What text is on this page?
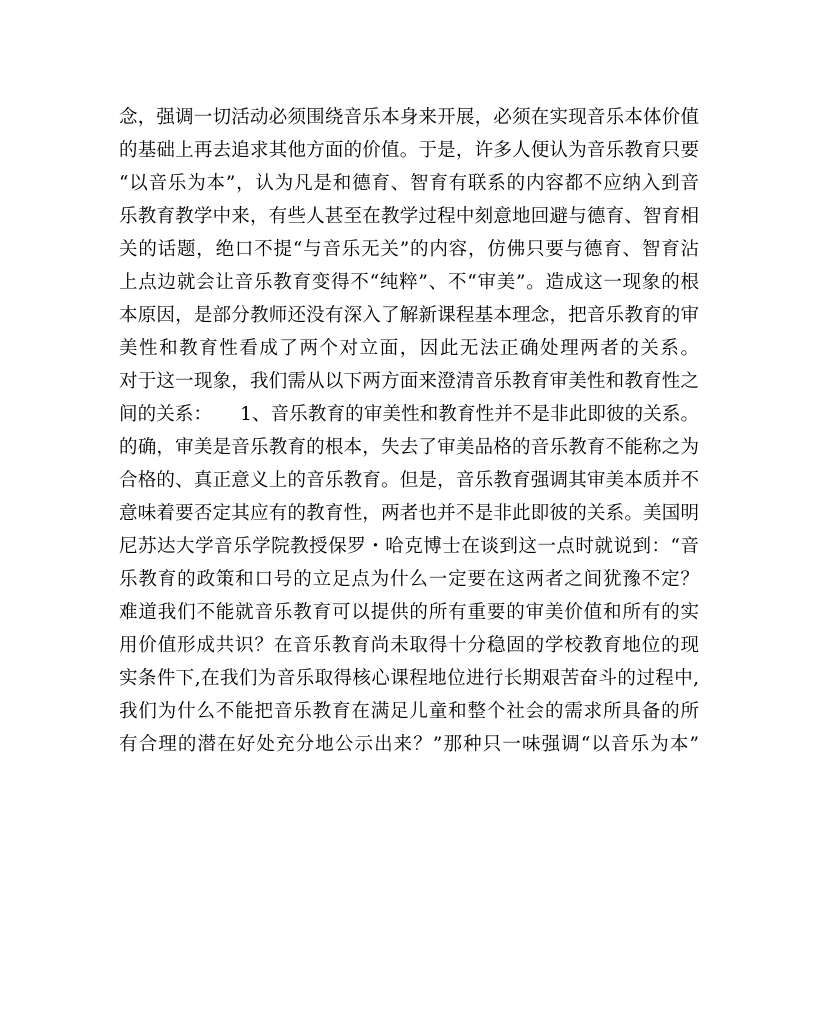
念，强调一切活动必须围绕音乐本身来开展，必须在实现音乐本体价值
的基础上再去追求其他方面的价值。于是，许多人便认为音乐教育只要
“以音乐为本”，认为凡是和德育、智育有联系的内容都不应纳入到音
乐教育教学中来，有些人甚至在教学过程中刻意地回避与德育、智育相
关的话题，绝口不提“与音乐无关”的内容，仿佛只要与德育、智育沾
上点边就会让音乐教育变得不“纯粹”、不“审美”。造成这一现象的根
本原因，是部分教师还没有深入了解新课程基本理念，把音乐教育的审
美性和教育性看成了两个对立面，因此无法正确处理两者的关系。
对于这一现象，我们需从以下两方面来澄清音乐教育审美性和教育性之
间的关系：　　1、音乐教育的审美性和教育性并不是非此即彼的关系。
的确，审美是音乐教育的根本，失去了审美品格的音乐教育不能称之为
合格的、真正意义上的音乐教育。但是，音乐教育强调其审美本质并不
意味着要否定其应有的教育性，两者也并不是非此即彼的关系。美国明
尼苏达大学音乐学院教授保罗・哈克博士在谈到这一点时就说到：“音
乐教育的政策和口号的立足点为什么一定要在这两者之间犹豫不定？
难道我们不能就音乐教育可以提供的所有重要的审美价值和所有的实
用价值形成共识？在音乐教育尚未取得十分稳固的学校教育地位的现
实条件下,在我们为音乐取得核心课程地位进行长期艰苦奋斗的过程中,
我们为什么不能把音乐教育在满足儿童和整个社会的需求所具备的所
有合理的潜在好处充分地公示出来？”那种只一味强调“以音乐为本”
